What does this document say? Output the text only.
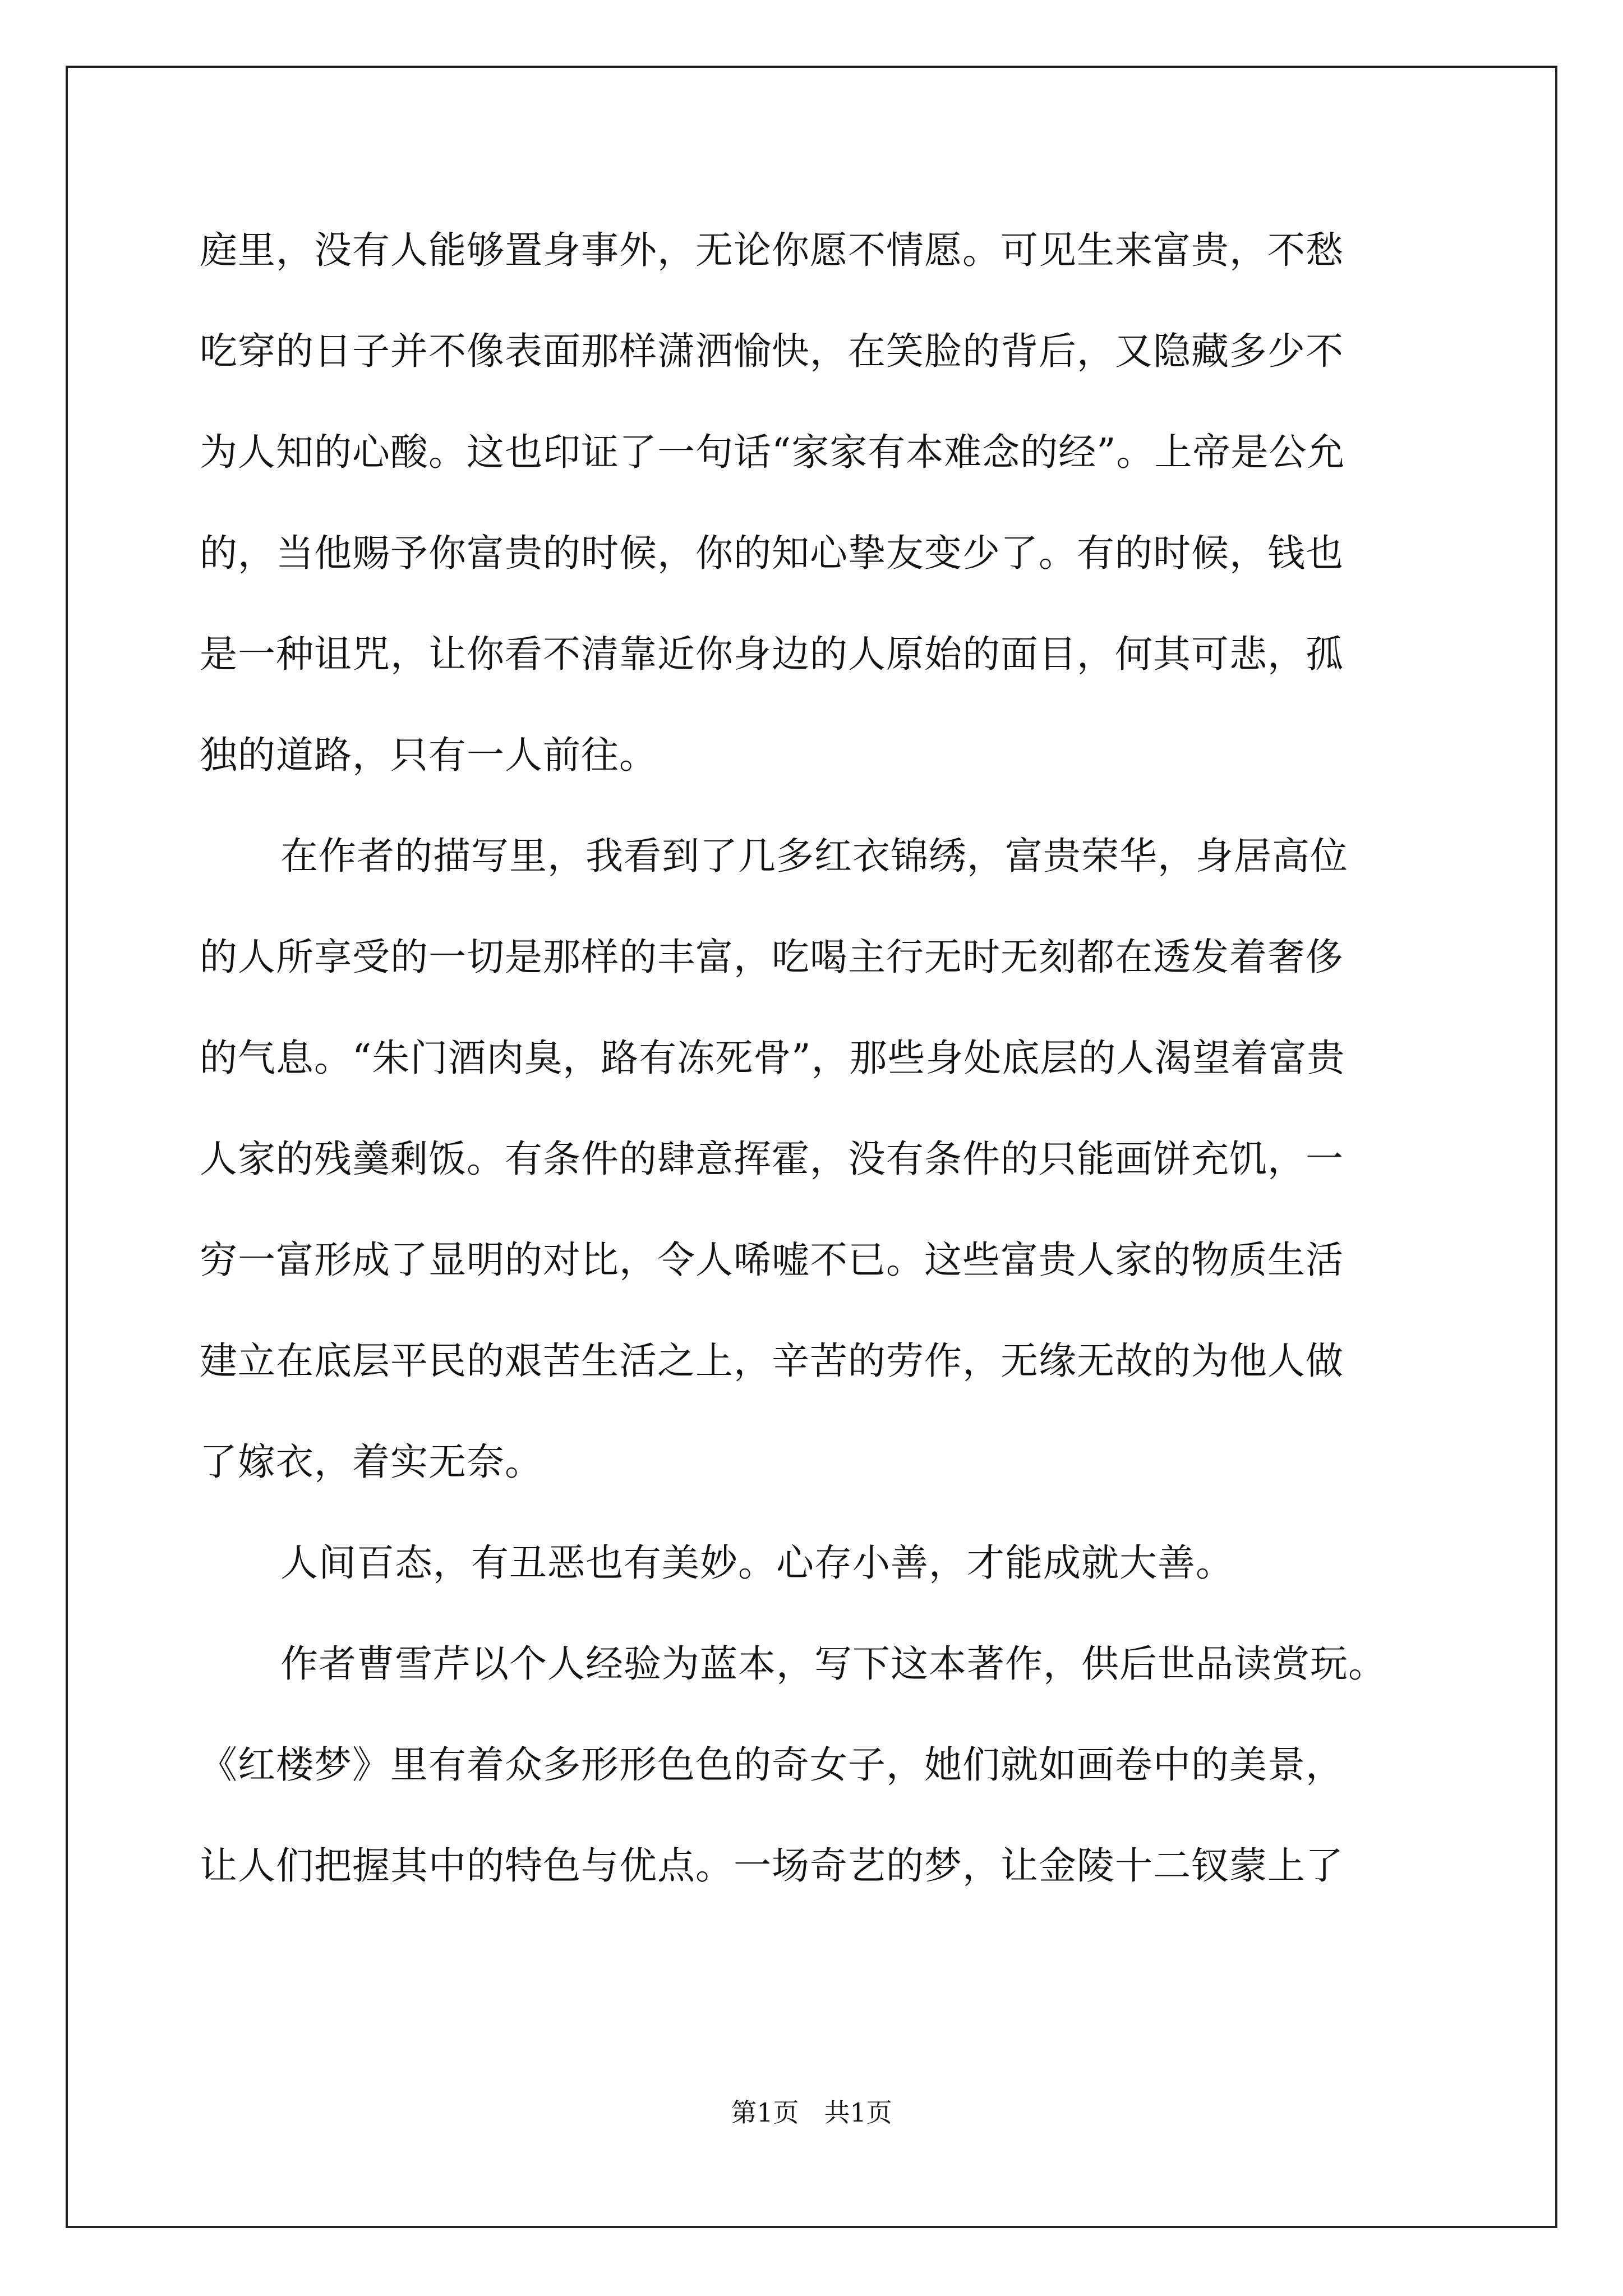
庭里，没有人能够置身事外，无论你愿不情愿。可见生来富贵，不愁
吃穿的日子并不像表面那样潇洒愉快，在笑脸的背后，又隐藏多少不
为人知的心酸。这也印证了一句话“家家有本难念的经”。上帝是公允
的，当他赐予你富贵的时候，你的知心挚友变少了。有的时候，钱也
是一种诅咒，让你看不清靠近你身边的人原始的面目，何其可悲，孤
独的道路，只有一人前往。
在作者的描写里，我看到了几多红衣锦绣，富贵荣华，身居高位
的人所享受的一切是那样的丰富，吃喝主行无时无刻都在透发着奢侈
的气息。“朱门酒肉臭，路有冻死骨”，那些身处底层的人渴望着富贵
人家的残羹剩饭。有条件的肆意挥霍，没有条件的只能画饼充饥，一
穷一富形成了显明的对比，令人唏嘘不已。这些富贵人家的物质生活
建立在底层平民的艰苦生活之上，辛苦的劳作，无缘无故的为他人做
了嫁衣，着实无奈。
人间百态，有丑恶也有美妙。心存小善，才能成就大善。
作者曹雪芹以个人经验为蓝本，写下这本著作，供后世品读赏玩。
《红楼梦》里有着众多形形色色的奇女子，她们就如画卷中的美景，
让人们把握其中的特色与优点。一场奇艺的梦，让金陵十二钗蒙上了
第1页 共1页
